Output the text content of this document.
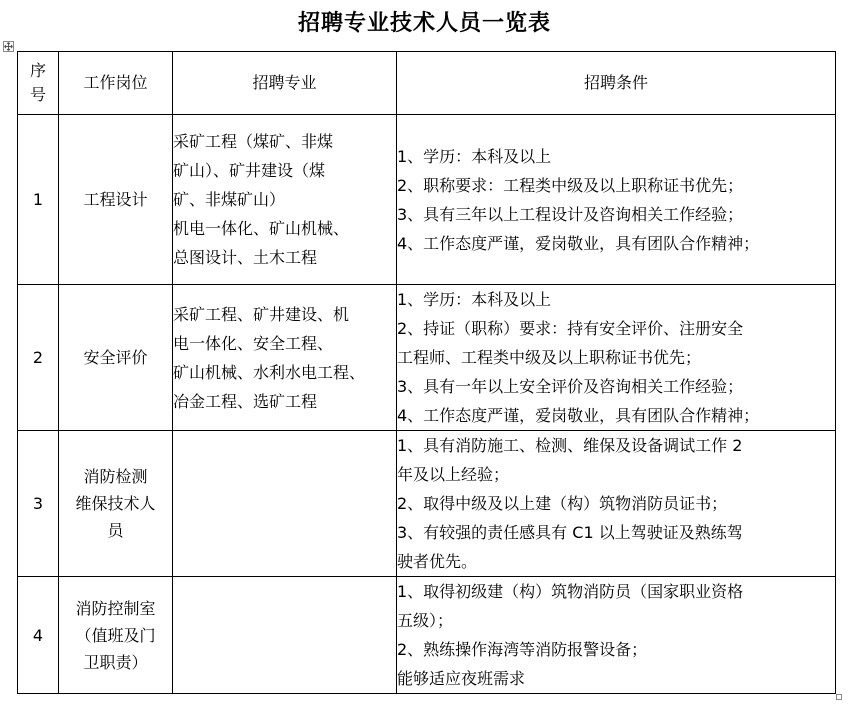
招聘专业技术人员一览表
序号	工作岗位	招聘专业	招聘条件
1	工程设计	采矿工程（煤矿、非煤
矿山）、矿井建设（煤
矿、非煤矿山）
机电一体化、矿山机械、
总图设计、土木工程	1、学历：本科及以上
2、职称要求：工程类中级及以上职称证书优先；
3、具有三年以上工程设计及咨询相关工作经验；
4、工作态度严谨，爱岗敬业，具有团队合作精神；

2	安全评价	采矿工程、矿井建设、机
电一体化、安全工程、
矿山机械、水利水电工程、
冶金工程、选矿工程	1、学历：本科及以上
2、持证（职称）要求：持有安全评价、注册安全
工程师、工程类中级及以上职称证书优先；
3、具有一年以上安全评价及咨询相关工作经验；
4、工作态度严谨，爱岗敬业，具有团队合作精神；

3	消防检测
维保技术人
员		1、具有消防施工、检测、维保及设备调试工作 2
年及以上经验；
2、取得中级及以上建（构）筑物消防员证书；
3、有较强的责任感具有 C1 以上驾驶证及熟练驾
驶者优先。

4	消防控制室
（值班及门
卫职责）		1、取得初级建（构）筑物消防员（国家职业资格
五级）；
2、熟练操作海湾等消防报警设备；
能够适应夜班需求
